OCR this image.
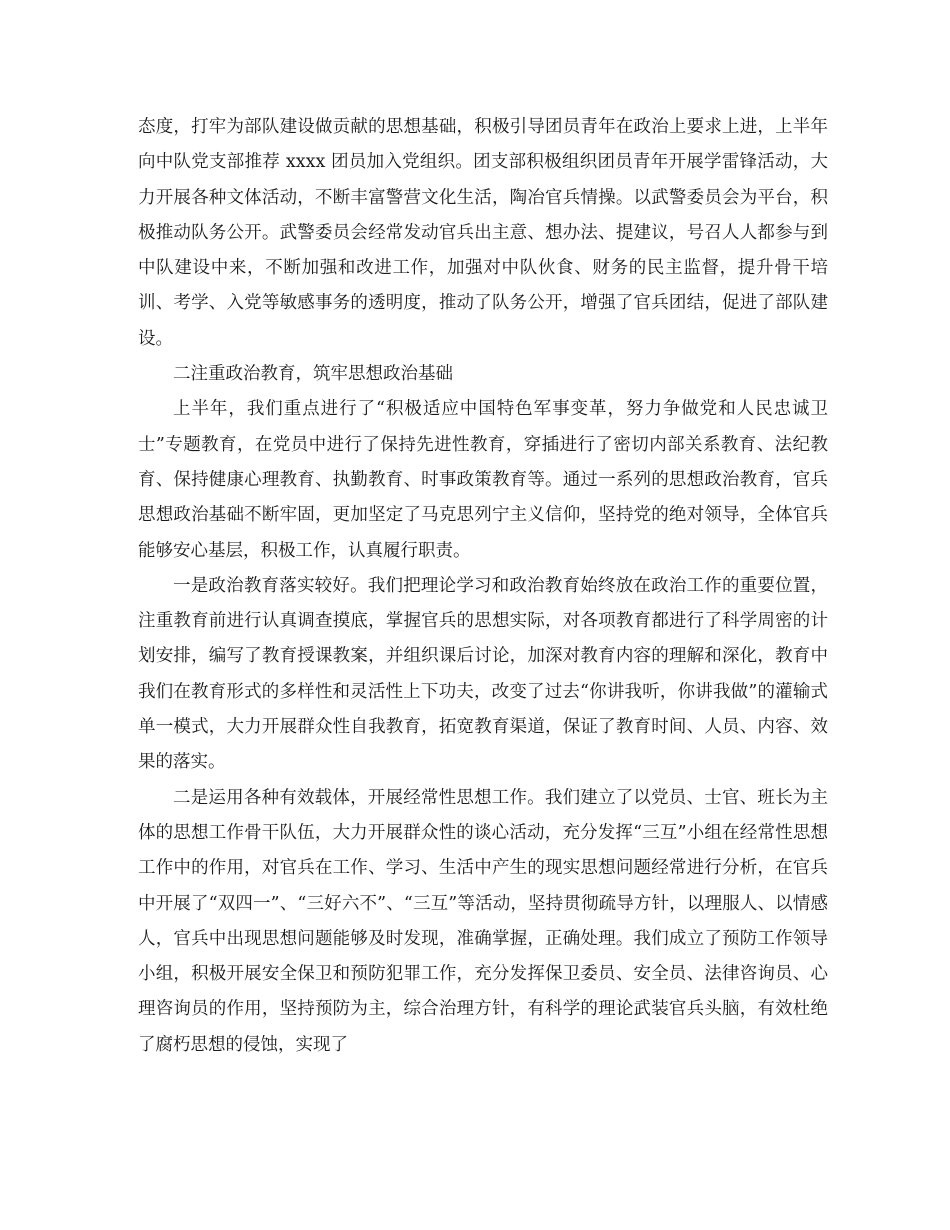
态度，打牢为部队建设做贡献的思想基础，积极引导团员青年在政治上要求上进，上半年向中队党支部推荐 xxxx 团员加入党组织。团支部积极组织团员青年开展学雷锋活动，大力开展各种文体活动，不断丰富警营文化生活，陶冶官兵情操。以武警委员会为平台，积极推动队务公开。武警委员会经常发动官兵出主意、想办法、提建议，号召人人都参与到中队建设中来，不断加强和改进工作，加强对中队伙食、财务的民主监督，提升骨干培训、考学、入党等敏感事务的透明度，推动了队务公开，增强了官兵团结，促进了部队建设。

二注重政治教育，筑牢思想政治基础

上半年，我们重点进行了“积极适应中国特色军事变革，努力争做党和人民忠诚卫士”专题教育，在党员中进行了保持先进性教育，穿插进行了密切内部关系教育、法纪教育、保持健康心理教育、执勤教育、时事政策教育等。通过一系列的思想政治教育，官兵思想政治基础不断牢固，更加坚定了马克思列宁主义信仰，坚持党的绝对领导，全体官兵能够安心基层，积极工作，认真履行职责。

一是政治教育落实较好。我们把理论学习和政治教育始终放在政治工作的重要位置，注重教育前进行认真调查摸底，掌握官兵的思想实际，对各项教育都进行了科学周密的计划安排，编写了教育授课教案，并组织课后讨论，加深对教育内容的理解和深化，教育中我们在教育形式的多样性和灵活性上下功夫，改变了过去“你讲我听，你讲我做”的灌输式单一模式，大力开展群众性自我教育，拓宽教育渠道，保证了教育时间、人员、内容、效果的落实。

二是运用各种有效载体，开展经常性思想工作。我们建立了以党员、士官、班长为主体的思想工作骨干队伍，大力开展群众性的谈心活动，充分发挥“三互”小组在经常性思想工作中的作用，对官兵在工作、学习、生活中产生的现实思想问题经常进行分析，在官兵中开展了“双四一”、“三好六不”、“三互”等活动，坚持贯彻疏导方针，以理服人、以情感人，官兵中出现思想问题能够及时发现，准确掌握，正确处理。我们成立了预防工作领导小组，积极开展安全保卫和预防犯罪工作，充分发挥保卫委员、安全员、法律咨询员、心理咨询员的作用，坚持预防为主，综合治理方针，有科学的理论武装官兵头脑，有效杜绝了腐朽思想的侵蚀，实现了
